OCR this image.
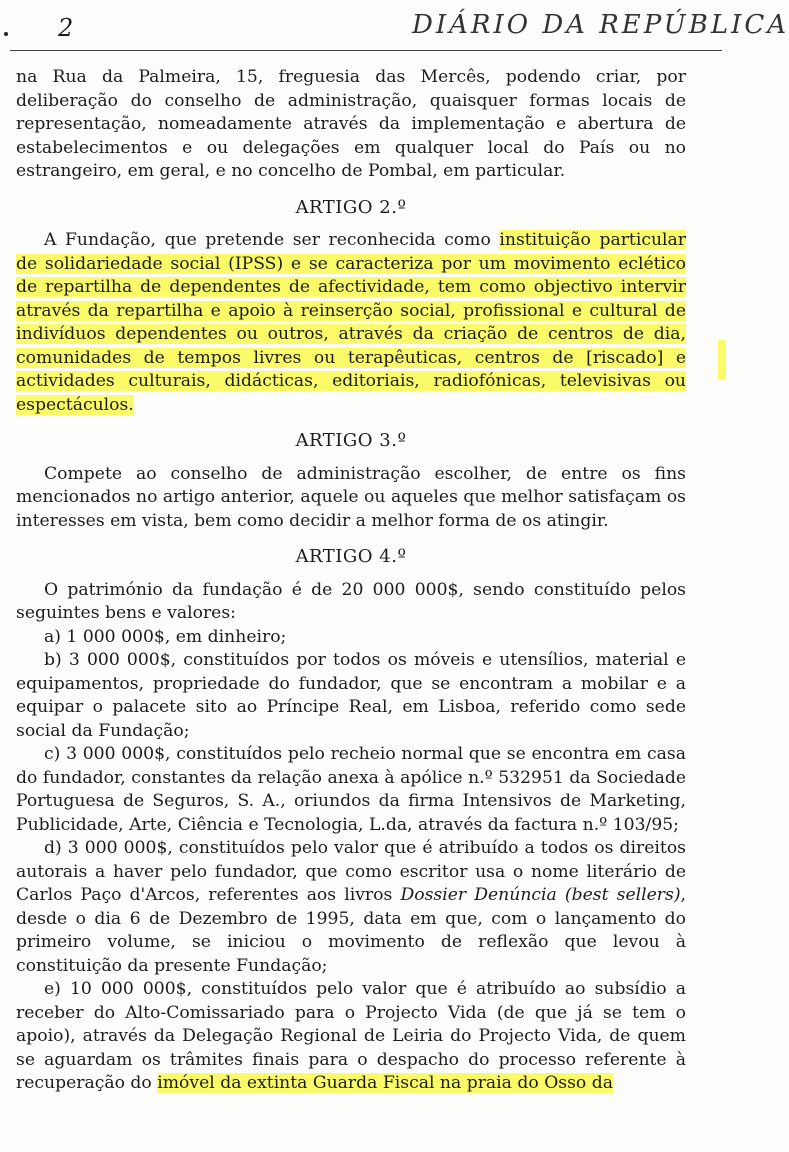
2	DIÁRIO DA REPÚBLICA

na Rua da Palmeira, 15, freguesia das Mercês, podendo criar, por deliberação do conselho de administração, quaisquer formas locais de representação, nomeadamente através da implementação e abertura de estabelecimentos e ou delegações em qualquer local do País ou no estrangeiro, em geral, e no concelho de Pombal, em particular.

ARTIGO 2.º

A Fundação, que pretende ser reconhecida como instituição particular de solidariedade social (IPSS) e se caracteriza por um movimento eclético de repartilha de dependentes de afectividade, tem como objectivo intervir através da repartilha e apoio à reinserção social, profissional e cultural de indivíduos dependentes ou outros, através da criação de centros de dia, comunidades de tempos livres ou terapêuticas, centros de [riscado] e actividades culturais, didácticas, editoriais, radiofónicas, televisivas ou espectáculos.

ARTIGO 3.º

Compete ao conselho de administração escolher, de entre os fins mencionados no artigo anterior, aquele ou aqueles que melhor satisfaçam os interesses em vista, bem como decidir a melhor forma de os atingir.

ARTIGO 4.º

O património da fundação é de 20 000 000$, sendo constituído pelos seguintes bens e valores:

a) 1 000 000$, em dinheiro;

b) 3 000 000$, constituídos por todos os móveis e utensílios, material e equipamentos, propriedade do fundador, que se encontram a mobilar e a equipar o palacete sito ao Príncipe Real, em Lisboa, referido como sede social da Fundação;

c) 3 000 000$, constituídos pelo recheio normal que se encontra em casa do fundador, constantes da relação anexa à apólice n.º 532951 da Sociedade Portuguesa de Seguros, S. A., oriundos da firma Intensivos de Marketing, Publicidade, Arte, Ciência e Tecnologia, L.da, através da factura n.º 103/95;

d) 3 000 000$, constituídos pelo valor que é atribuído a todos os direitos autorais a haver pelo fundador, que como escritor usa o nome literário de Carlos Paço d'Arcos, referentes aos livros Dossier Denúncia (best sellers), desde o dia 6 de Dezembro de 1995, data em que, com o lançamento do primeiro volume, se iniciou o movimento de reflexão que levou à constituição da presente Fundação;

e) 10 000 000$, constituídos pelo valor que é atribuído ao subsídio a receber do Alto-Comissariado para o Projecto Vida (de que já se tem o apoio), através da Delegação Regional de Leiria do Projecto Vida, de quem se aguardam os trâmites finais para o despacho do processo referente à recuperação do imóvel da extinta Guarda Fiscal na praia do Osso da
